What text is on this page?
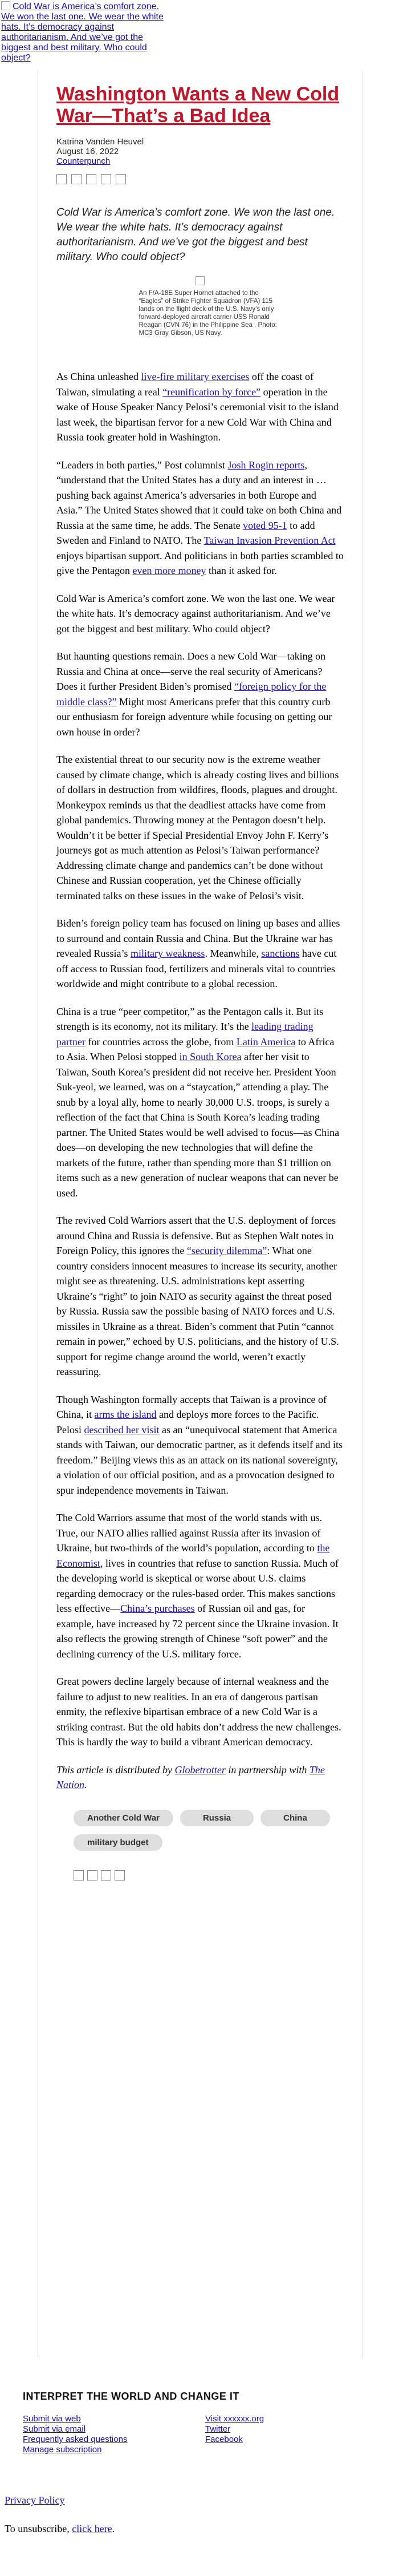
Cold War is America’s comfort zone. We won the last one. We wear the white hats. It’s democracy against authoritarianism. And we’ve got the biggest and best military. Who could object?
Washington Wants a New Cold War—That’s a Bad Idea
Katrina Vanden Heuvel
August 16, 2022
Counterpunch

Cold War is America’s comfort zone. We won the last one. We wear the white hats. It’s democracy against authoritarianism. And we’ve got the biggest and best military. Who could object?

An F/A-18E Super Hornet attached to the “Eagles” of Strike Fighter Squadron (VFA) 115 lands on the flight deck of the U.S. Navy’s only forward-deployed aircraft carrier USS Ronald Reagan (CVN 76) in the Philippine Sea . Photo: MC3 Gray Gibson, US Navy.

As China unleashed live-fire military exercises off the coast of Taiwan, simulating a real “reunification by force” operation in the wake of House Speaker Nancy Pelosi’s ceremonial visit to the island last week, the bipartisan fervor for a new Cold War with China and Russia took greater hold in Washington.

“Leaders in both parties,” Post columnist Josh Rogin reports, “understand that the United States has a duty and an interest in … pushing back against America’s adversaries in both Europe and Asia.” The United States showed that it could take on both China and Russia at the same time, he adds. The Senate voted 95-1 to add Sweden and Finland to NATO. The Taiwan Invasion Prevention Act enjoys bipartisan support. And politicians in both parties scrambled to give the Pentagon even more money than it asked for.

Cold War is America’s comfort zone. We won the last one. We wear the white hats. It’s democracy against authoritarianism. And we’ve got the biggest and best military. Who could object?

But haunting questions remain. Does a new Cold War—taking on Russia and China at once—serve the real security of Americans? Does it further President Biden’s promised “foreign policy for the middle class?” Might most Americans prefer that this country curb our enthusiasm for foreign adventure while focusing on getting our own house in order?

The existential threat to our security now is the extreme weather caused by climate change, which is already costing lives and billions of dollars in destruction from wildfires, floods, plagues and drought. Monkeypox reminds us that the deadliest attacks have come from global pandemics. Throwing money at the Pentagon doesn’t help. Wouldn’t it be better if Special Presidential Envoy John F. Kerry’s journeys got as much attention as Pelosi’s Taiwan performance? Addressing climate change and pandemics can’t be done without Chinese and Russian cooperation, yet the Chinese officially terminated talks on these issues in the wake of Pelosi’s visit.

Biden’s foreign policy team has focused on lining up bases and allies to surround and contain Russia and China. But the Ukraine war has revealed Russia’s military weakness. Meanwhile, sanctions have cut off access to Russian food, fertilizers and minerals vital to countries worldwide and might contribute to a global recession.

China is a true “peer competitor,” as the Pentagon calls it. But its strength is its economy, not its military. It’s the leading trading partner for countries across the globe, from Latin America to Africa to Asia. When Pelosi stopped in South Korea after her visit to Taiwan, South Korea’s president did not receive her. President Yoon Suk-yeol, we learned, was on a “staycation,” attending a play. The snub by a loyal ally, home to nearly 30,000 U.S. troops, is surely a reflection of the fact that China is South Korea’s leading trading partner. The United States would be well advised to focus—as China does—on developing the new technologies that will define the markets of the future, rather than spending more than $1 trillion on items such as a new generation of nuclear weapons that can never be used.

The revived Cold Warriors assert that the U.S. deployment of forces around China and Russia is defensive. But as Stephen Walt notes in Foreign Policy, this ignores the “security dilemma”: What one country considers innocent measures to increase its security, another might see as threatening. U.S. administrations kept asserting Ukraine’s “right” to join NATO as security against the threat posed by Russia. Russia saw the possible basing of NATO forces and U.S. missiles in Ukraine as a threat. Biden’s comment that Putin “cannot remain in power,” echoed by U.S. politicians, and the history of U.S. support for regime change around the world, weren’t exactly reassuring.

Though Washington formally accepts that Taiwan is a province of China, it arms the island and deploys more forces to the Pacific. Pelosi described her visit as an “unequivocal statement that America stands with Taiwan, our democratic partner, as it defends itself and its freedom.” Beijing views this as an attack on its national sovereignty, a violation of our official position, and as a provocation designed to spur independence movements in Taiwan.

The Cold Warriors assume that most of the world stands with us. True, our NATO allies rallied against Russia after its invasion of Ukraine, but two-thirds of the world’s population, according to the Economist, lives in countries that refuse to sanction Russia. Much of the developing world is skeptical or worse about U.S. claims regarding democracy or the rules-based order. This makes sanctions less effective—China’s purchases of Russian oil and gas, for example, have increased by 72 percent since the Ukraine invasion. It also reflects the growing strength of Chinese “soft power” and the declining currency of the U.S. military force.

Great powers decline largely because of internal weakness and the failure to adjust to new realities. In an era of dangerous partisan enmity, the reflexive bipartisan embrace of a new Cold War is a striking contrast. But the old habits don’t address the new challenges. This is hardly the way to build a vibrant American democracy.

This article is distributed by Globetrotter in partnership with The Nation.

Another Cold War	Russia	China
military budget
INTERPRET THE WORLD AND CHANGE IT
Submit via web
Submit via email
Frequently asked questions
Manage subscription
Visit xxxxxx.org
Twitter
Facebook
Privacy Policy
To unsubscribe, click here.
